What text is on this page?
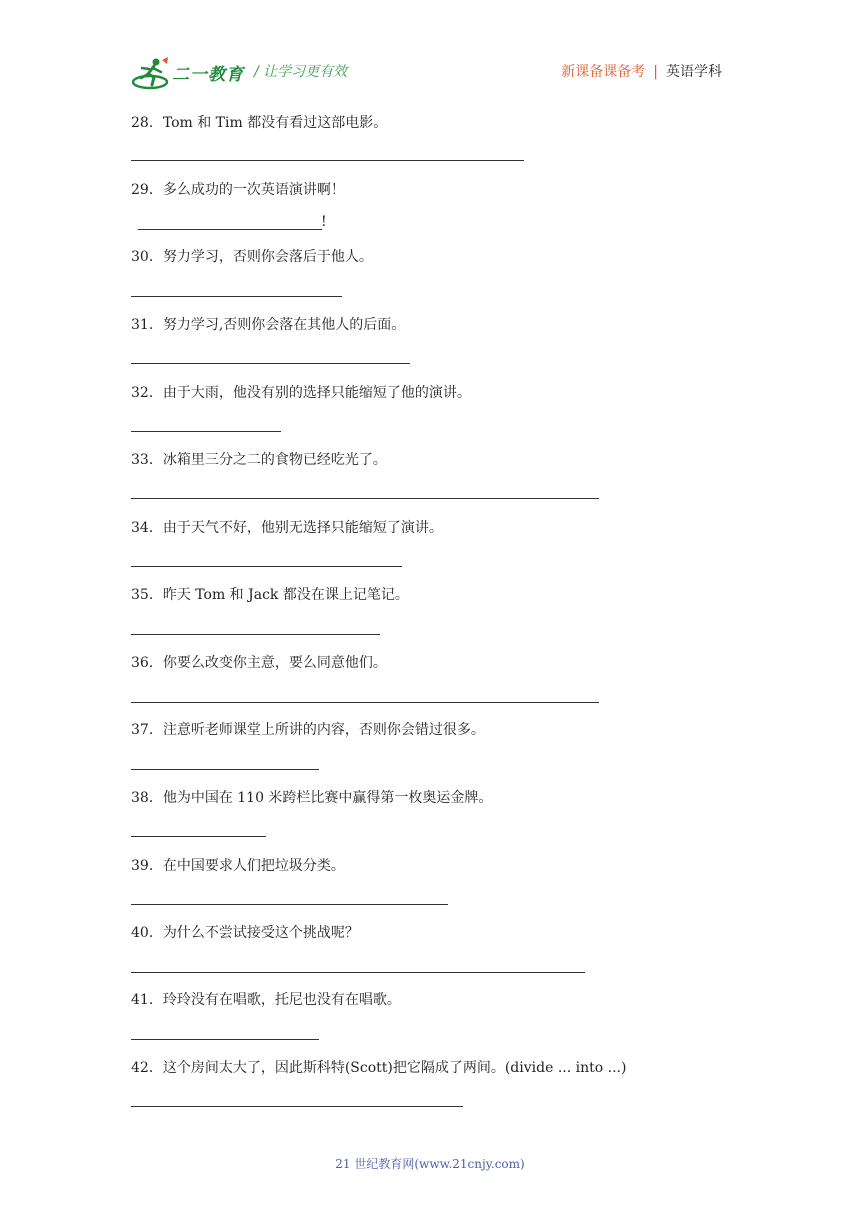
二一教育 / 让学习更有效	新课备课备考 | 英语学科
28．Tom 和 Tim 都没有看过这部电影。
29．多么成功的一次英语演讲啊！
!
30．努力学习，否则你会落后于他人。
31．努力学习,否则你会落在其他人的后面。
32．由于大雨，他没有别的选择只能缩短了他的演讲。
33．冰箱里三分之二的食物已经吃光了。
34．由于天气不好，他别无选择只能缩短了演讲。
35．昨天 Tom 和 Jack 都没在课上记笔记。
36．你要么改变你主意，要么同意他们。
37．注意听老师课堂上所讲的内容，否则你会错过很多。
38．他为中国在 110 米跨栏比赛中赢得第一枚奥运金牌。
39．在中国要求人们把垃圾分类。
40．为什么不尝试接受这个挑战呢？
41．玲玲没有在唱歌，托尼也没有在唱歌。
42．这个房间太大了，因此斯科特(Scott)把它隔成了两间。(divide ... into ...)
21 世纪教育网(www.21cnjy.com)
